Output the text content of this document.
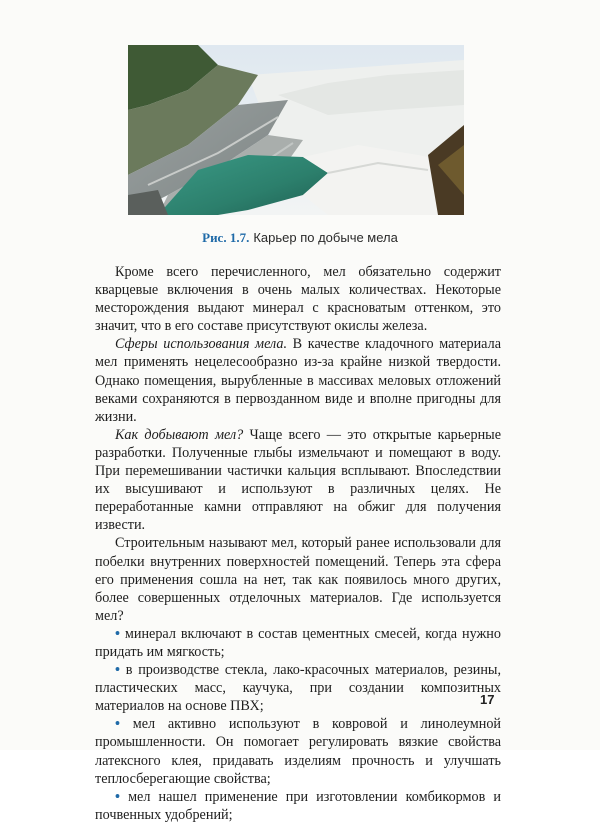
Рис. 1.7. Карьер по добыче мела

Кроме всего перечисленного, мел обязательно содержит кварцевые включения в очень малых количествах. Некоторые месторождения выдают минерал с красноватым оттенком, это значит, что в его составе присутствуют окислы железа.

Сферы использования мела. В качестве кладочного материала мел применять нецелесообразно из-за крайне низкой твердости. Однако помещения, вырубленные в массивах меловых отложений веками сохраняются в первозданном виде и вполне пригодны для жизни.

Как добывают мел? Чаще всего — это открытые карьерные разработки. Полученные глыбы измельчают и помещают в воду. При перемешивании частички кальция всплывают. Впоследствии их высушивают и используют в различных целях. Не переработанные камни отправляют на обжиг для получения извести.

Строительным называют мел, который ранее использовали для побелки внутренних поверхностей помещений. Теперь эта сфера его применения сошла на нет, так как появилось много других, более совершенных отделочных материалов. Где используется мел?

• минерал включают в состав цементных смесей, когда нужно придать им мягкость;

• в производстве стекла, лако-красочных материалов, резины, пластических масс, каучука, при создании композитных материалов на основе ПВХ;

• мел активно используют в ковровой и линолеумной промышленности. Он помогает регулировать вязкие свойства латексного клея, придавать изделиям прочность и улучшать теплосберегающие свойства;

• мел нашел применение при изготовлении комбикормов и почвенных удобрений;

17
